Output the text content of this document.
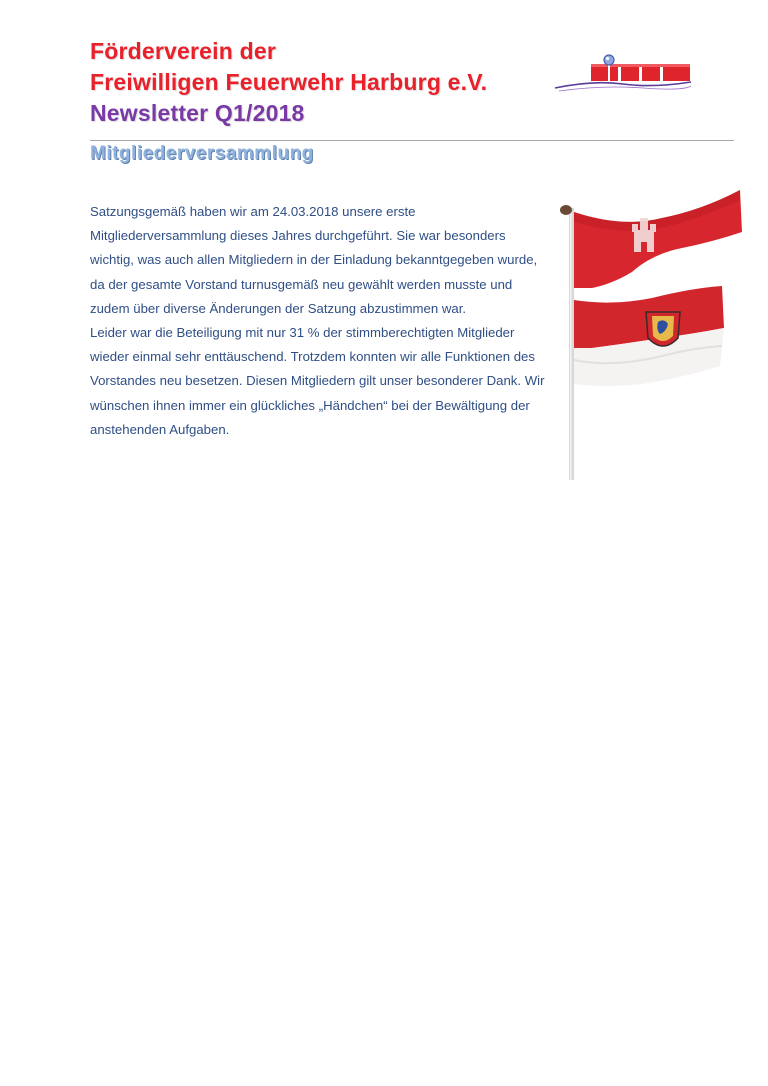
Förderverein der
Freiwilligen Feuerwehr Harburg e.V.
Newsletter Q1/2018
Mitgliederversammlung

Satzungsgemäß haben wir am 24.03.2018 unsere erste Mitgliederversammlung dieses Jahres durchgeführt. Sie war besonders wichtig, was auch allen Mitgliedern in der Einladung bekanntgegeben wurde, da der gesamte Vorstand turnusgemäß neu gewählt werden musste und zudem über diverse Änderungen der Satzung abzustimmen war.

Leider war die Beteiligung mit nur 31 % der stimmberechtigten Mitglieder wieder einmal sehr enttäuschend. Trotzdem konnten wir alle Funktionen des Vorstandes neu besetzen. Diesen Mitgliedern gilt unser besonderer Dank. Wir wünschen ihnen immer ein glückliches „Händchen“ bei der Bewältigung der anstehenden Aufgaben.
